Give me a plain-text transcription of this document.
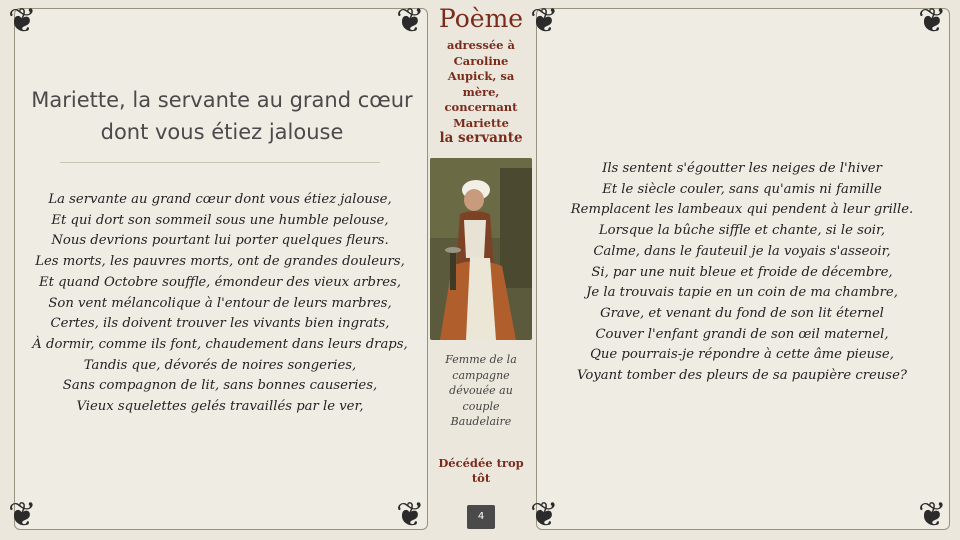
❦	❦
❦	❦
❦	❦
❦	❦
Mariette, la servante au grand cœur
dont vous étiez jalouse
La servante au grand cœur dont vous étiez jalouse,
Et qui dort son sommeil sous une humble pelouse,
Nous devrions pourtant lui porter quelques fleurs.
Les morts, les pauvres morts, ont de grandes douleurs,
Et quand Octobre souffle, émondeur des vieux arbres,
Son vent mélancolique à l'entour de leurs marbres,
Certes, ils doivent trouver les vivants bien ingrats,
À dormir, comme ils font, chaudement dans leurs draps,
Tandis que, dévorés de noires songeries,
Sans compagnon de lit, sans bonnes causeries,
Vieux squelettes gelés travaillés par le ver,
Ils sentent s'égoutter les neiges de l'hiver
Et le siècle couler, sans qu'amis ni famille
Remplacent les lambeaux qui pendent à leur grille.
Lorsque la bûche siffle et chante, si le soir,
Calme, dans le fauteuil je la voyais s'asseoir,
Si, par une nuit bleue et froide de décembre,
Je la trouvais tapie en un coin de ma chambre,
Grave, et venant du fond de son lit éternel
Couver l'enfant grandi de son œil maternel,
Que pourrais-je répondre à cette âme pieuse,
Voyant tomber des pleurs de sa paupière creuse?
Poème
adressée à
Caroline
Aupick, sa
mère,
concernant
Mariette
la servante
Femme de la
campagne
dévouée au
couple
Baudelaire
Décédée trop
tôt
4
